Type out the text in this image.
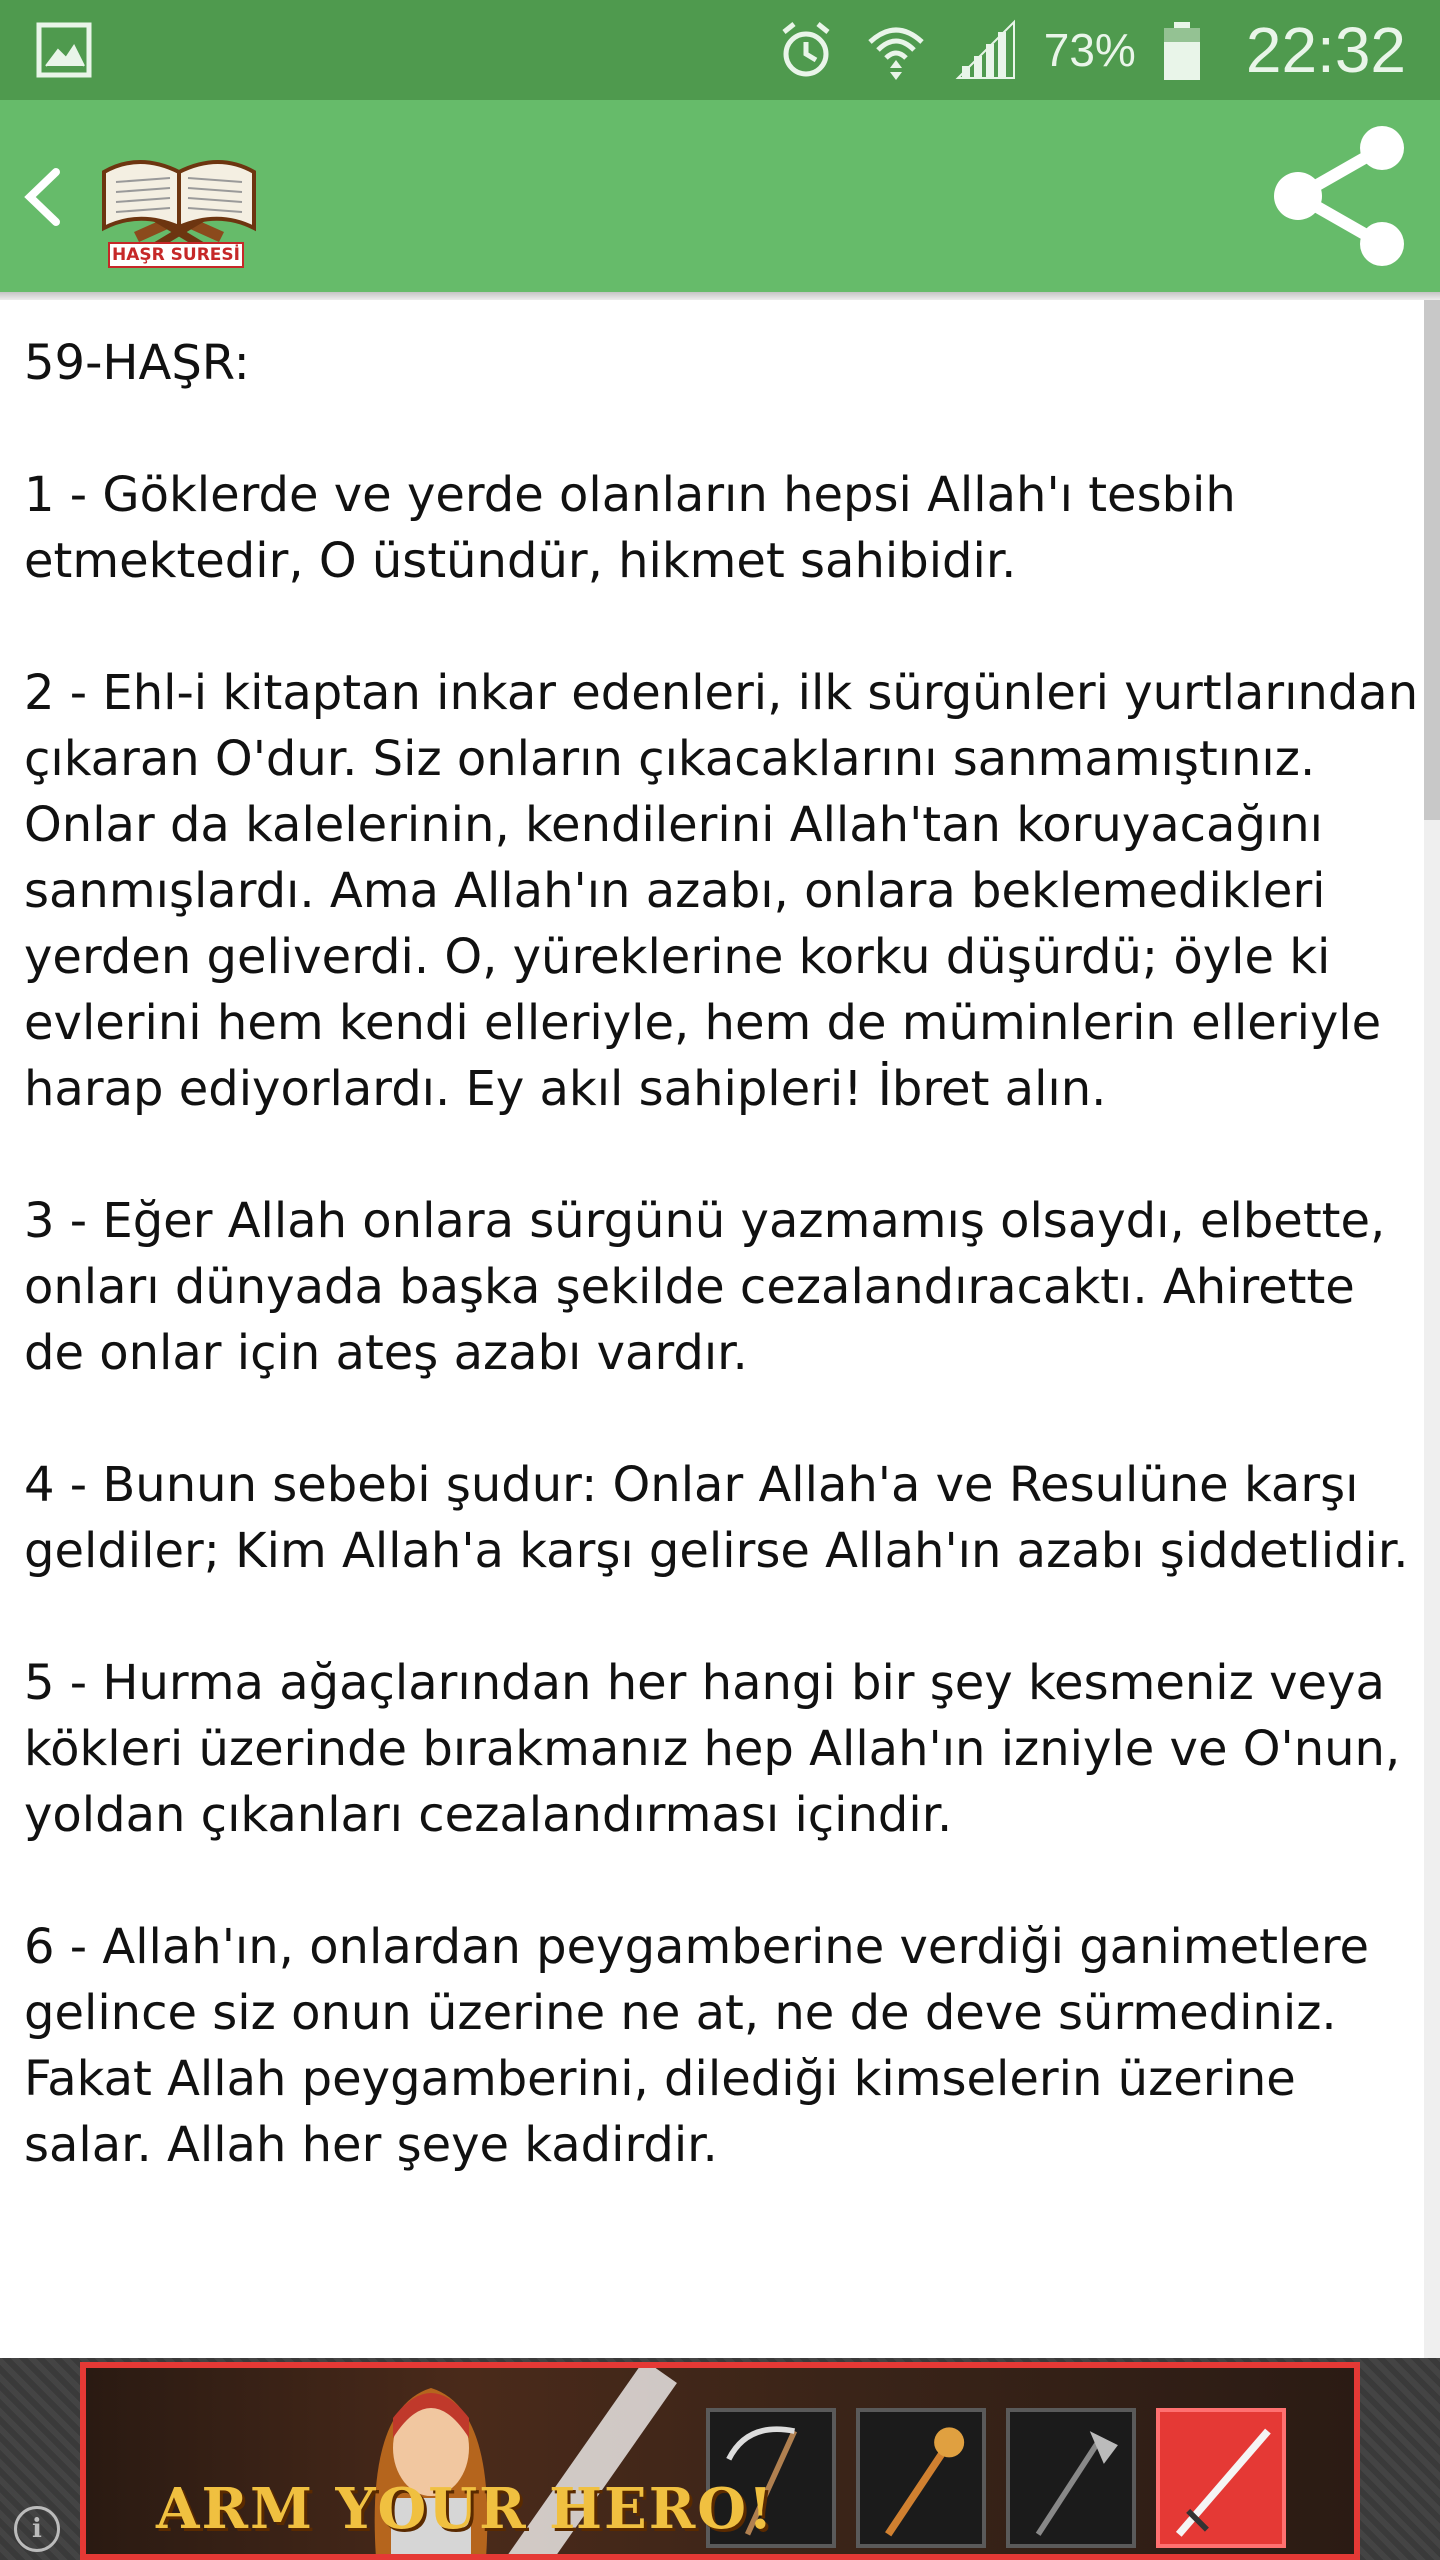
73% 22:32
HAŞR SURESİ

59-HAŞR:

1 - Göklerde ve yerde olanların hepsi Allah'ı tesbih etmektedir, O üstündür, hikmet sahibidir.

2 - Ehl-i kitaptan inkar edenleri, ilk sürgünleri yurtlarından çıkaran O'dur. Siz onların çıkacaklarını sanmamıştınız. Onlar da kalelerinin, kendilerini Allah'tan koruyacağını sanmışlardı. Ama Allah'ın azabı, onlara beklemedikleri yerden geliverdi. O, yüreklerine korku düşürdü; öyle ki evlerini hem kendi elleriyle, hem de müminlerin elleriyle harap ediyorlardı. Ey akıl sahipleri! İbret alın.

3 - Eğer Allah onlara sürgünü yazmamış olsaydı, elbette, onları dünyada başka şekilde cezalandıracaktı. Ahirette de onlar için ateş azabı vardır.

4 - Bunun sebebi şudur: Onlar Allah'a ve Resulüne karşı geldiler; Kim Allah'a karşı gelirse Allah'ın azabı şiddetlidir.

5 - Hurma ağaçlarından her hangi bir şey kesmeniz veya kökleri üzerinde bırakmanız hep Allah'ın izniyle ve O'nun, yoldan çıkanları cezalandırması içindir.

6 - Allah'ın, onlardan peygamberine verdiği ganimetlere gelince siz onun üzerine ne at, ne de deve sürmediniz. Fakat Allah peygamberini, dilediği kimselerin üzerine salar. Allah her şeye kadirdir.

i	ARM YOUR HERO!
